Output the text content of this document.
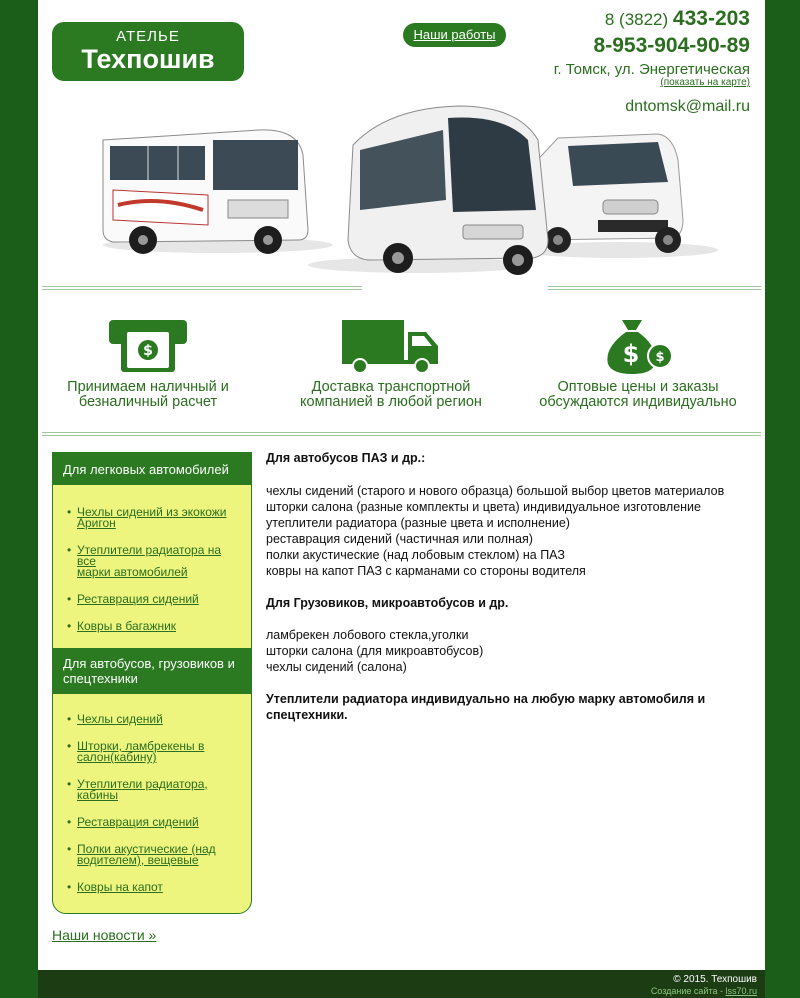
АТЕЛЬЕ
Техпошив
Наши работы
8 (3822) 433-203
8-953-904-90-89
г. Томск, ул. Энергетическая
(показать на карте)
dntomsk@mail.ru
$
Принимаем наличный и
безналичный расчет
Доставка транспортной
компанией в любой регион
$ $
Оптовые цены и заказы
обсуждаются индивидуально
Для легковых автомобилей
• Чехлы сидений из экокожи
Аригон
• Утеплители радиатора на все
марки автомобилей
• Реставрация сидений
• Ковры в багажник
Для автобусов, грузовиков и
спецтехники
• Чехлы сидений
• Шторки, ламбрекены в
салон(кабину)
• Утеплители радиатора,
кабины
• Реставрация сидений
• Полки акустические (над
водителем), вещевые
• Ковры на капот
Наши новости »
Для автобусов ПАЗ и др.:
чехлы сидений (старого и нового образца) большой выбор цветов материалов
шторки салона (разные комплекты и цвета) индивидуальное изготовление
утеплители радиатора (разные цвета и исполнение)
реставрация сидений (частичная или полная)
полки акустические (над лобовым стеклом) на ПАЗ
ковры на капот ПАЗ с карманами со стороны водителя
Для Грузовиков, микроавтобусов и др.
ламбрекен лобового стекла,уголки
шторки салона (для микроавтобусов)
чехлы сидений (салона)
Утеплители радиатора индивидуально на любую марку автомобиля и
спецтехники.
© 2015. Техпошив
Создание сайта - lss70.ru
